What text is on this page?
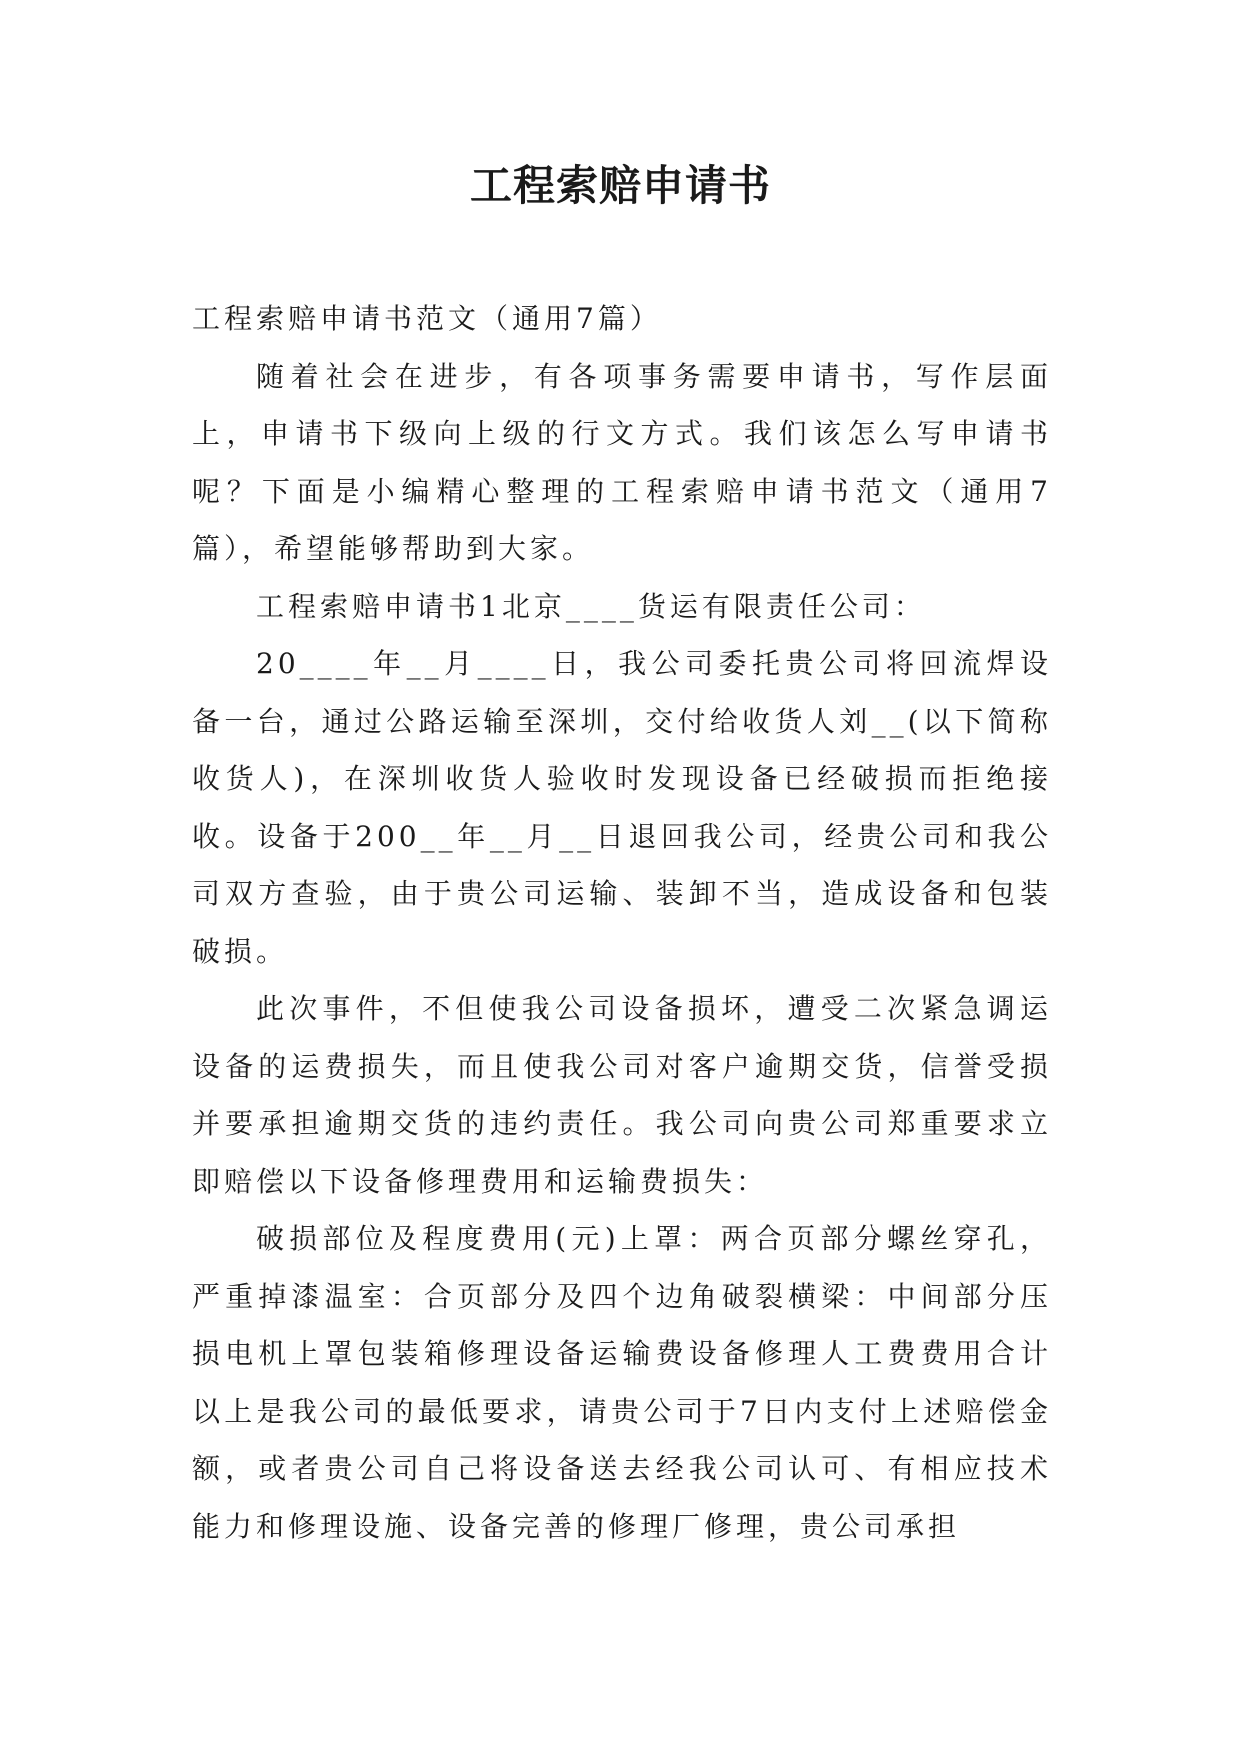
工程索赔申请书

工程索赔申请书范文（通用7篇）

随着社会在进步，有各项事务需要申请书，写作层面上，申请书下级向上级的行文方式。我们该怎么写申请书呢？下面是小编精心整理的工程索赔申请书范文（通用7篇），希望能够帮助到大家。

工程索赔申请书1北京____货运有限责任公司：

20____年__月____日，我公司委托贵公司将回流焊设备一台，通过公路运输至深圳，交付给收货人刘__(以下简称收货人)，在深圳收货人验收时发现设备已经破损而拒绝接收。设备于200__年__月__日退回我公司，经贵公司和我公司双方查验，由于贵公司运输、装卸不当，造成设备和包装破损。

此次事件，不但使我公司设备损坏，遭受二次紧急调运设备的运费损失，而且使我公司对客户逾期交货，信誉受损并要承担逾期交货的违约责任。我公司向贵公司郑重要求立即赔偿以下设备修理费用和运输费损失：

破损部位及程度费用(元)上罩：两合页部分螺丝穿孔，严重掉漆温室：合页部分及四个边角破裂横梁：中间部分压损电机上罩包装箱修理设备运输费设备修理人工费费用合计以上是我公司的最低要求，请贵公司于7日内支付上述赔偿金额，或者贵公司自己将设备送去经我公司认可、有相应技术能力和修理设施、设备完善的修理厂修理，贵公司承担
